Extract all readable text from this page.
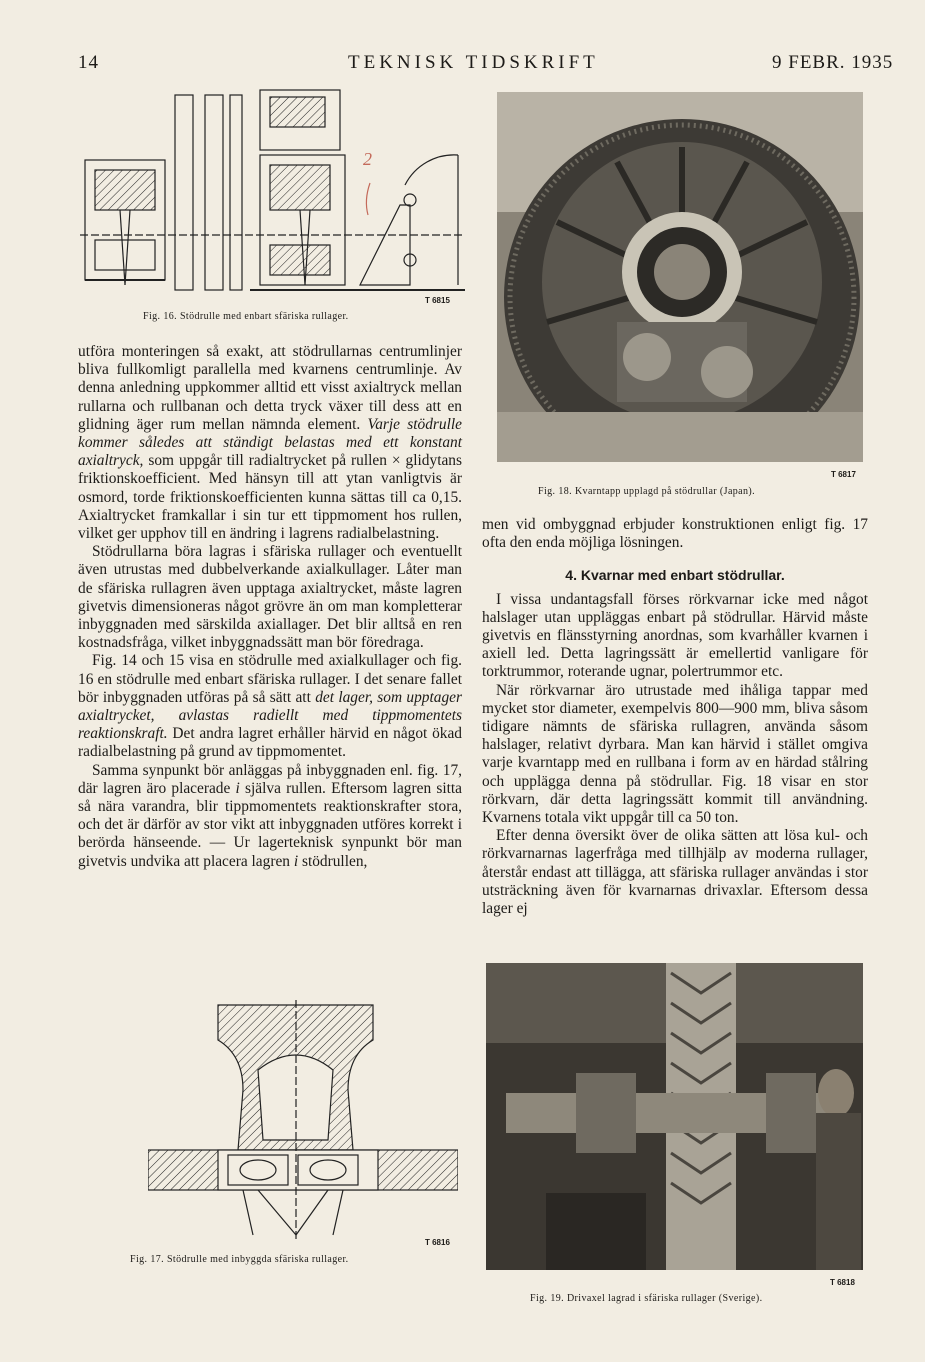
14	TEKNISK TIDSKRIFT	9 FEBR. 1935
2
T 6815
Fig. 16. Stödrulle med enbart sfäriska rullager.

utföra monteringen så exakt, att stödrullarnas centrumlinjer bliva fullkomligt parallella med kvarnens centrumlinje. Av denna anledning uppkommer alltid ett visst axialtryck mellan rullarna och rullbanan och detta tryck växer till dess att en glidning äger rum mellan nämnda element. Varje stödrulle kommer således att ständigt belastas med ett konstant axialtryck, som uppgår till radialtrycket på rullen × glidytans friktionskoefficient. Med hänsyn till att ytan vanligtvis är osmord, torde friktionskoefficienten kunna sättas till ca 0,15. Axialtrycket framkallar i sin tur ett tippmoment hos rullen, vilket ger upphov till en ändring i lagrens radialbelastning.

Stödrullarna böra lagras i sfäriska rullager och eventuellt även utrustas med dubbelverkande axialkullager. Låter man de sfäriska rullagren även upptaga axialtrycket, måste lagren givetvis dimensioneras något grövre än om man kompletterar inbyggnaden med särskilda axiallager. Det blir alltså en ren kostnadsfråga, vilket inbyggnadssätt man bör föredraga.

Fig. 14 och 15 visa en stödrulle med axialkullager och fig. 16 en stödrulle med enbart sfäriska rullager. I det senare fallet bör inbyggnaden utföras på så sätt att det lager, som upptager axialtrycket, avlastas radiellt med tippmomentets reaktionskraft. Det andra lagret erhåller härvid en något ökad radialbelastning på grund av tippmomentet.

Samma synpunkt bör anläggas på inbyggnaden enl. fig. 17, där lagren äro placerade i själva rullen. Eftersom lagren sitta så nära varandra, blir tippmomentets reaktionskrafter stora, och det är därför av stor vikt att inbyggnaden utföres korrekt i berörda hänseende. — Ur lagerteknisk synpunkt bör man givetvis undvika att placera lagren i stödrullen,

T 6816
Fig. 17. Stödrulle med inbyggda sfäriska rullager.
T 6817
Fig. 18. Kvarntapp upplagd på stödrullar (Japan).

men vid ombyggnad erbjuder konstruktionen enligt fig. 17 ofta den enda möjliga lösningen.

4. Kvarnar med enbart stödrullar.

I vissa undantagsfall förses rörkvarnar icke med något halslager utan uppläggas enbart på stödrullar. Härvid måste givetvis en flänsstyrning anordnas, som kvarhåller kvarnen i axiell led. Detta lagringssätt är emellertid vanligare för torktrummor, roterande ugnar, polertrummor etc.

När rörkvarnar äro utrustade med ihåliga tappar med mycket stor diameter, exempelvis 800—900 mm, bliva såsom tidigare nämnts de sfäriska rullagren, använda såsom halslager, relativt dyrbara. Man kan härvid i stället omgiva varje kvarntapp med en rullbana i form av en härdad stålring och upplägga denna på stödrullar. Fig. 18 visar en stor rörkvarn, där detta lagringssätt kommit till användning. Kvarnens totala vikt uppgår till ca 50 ton.

Efter denna översikt över de olika sätten att lösa kul- och rörkvarnarnas lagerfråga med tillhjälp av moderna rullager, återstår endast att tillägga, att sfäriska rullager användas i stor utsträckning även för kvarnarnas drivaxlar. Eftersom dessa lager ej

T 6818
Fig. 19. Drivaxel lagrad i sfäriska rullager (Sverige).
